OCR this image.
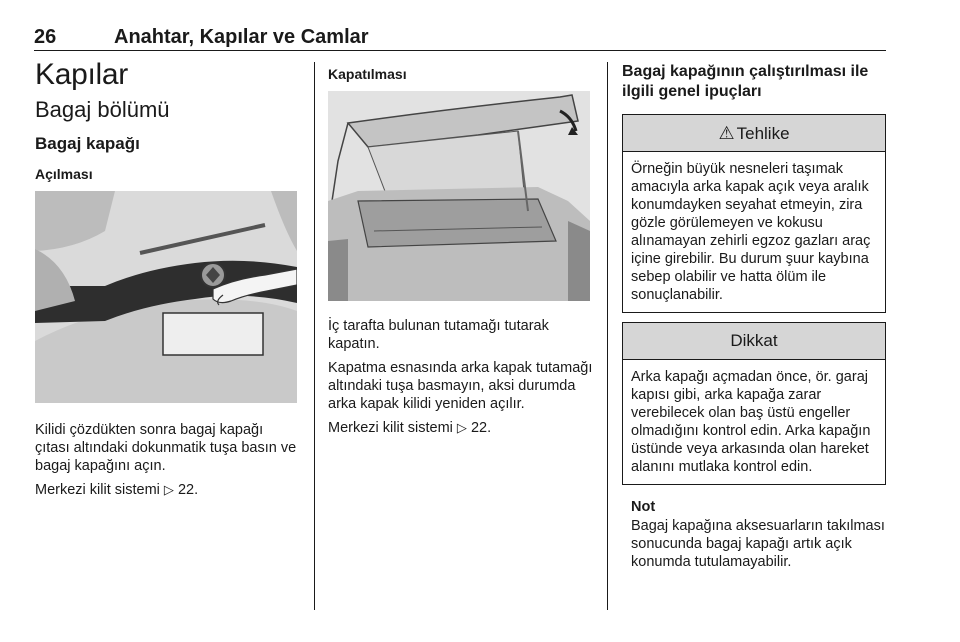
26	Anahtar, Kapılar ve Camlar
Kapılar
Bagaj bölümü
Bagaj kapağı
Açılması

Kilidi çözdükten sonra bagaj kapağı çıtası altındaki dokunmatik tuşa basın ve bagaj kapağını açın.

Merkezi kilit sistemi ▷ 22.

Kapatılması

İç tarafta bulunan tutamağı tutarak kapatın.

Kapatma esnasında arka kapak tutamağı altındaki tuşa basmayın, aksi durumda arka kapak kilidi yeniden açılır.

Merkezi kilit sistemi ▷ 22.

Bagaj kapağının çalıştırılması ile ilgili genel ipuçları
⚠ Tehlike

Örneğin büyük nesneleri taşımak amacıyla arka kapak açık veya aralık konumdayken seyahat etmeyin, zira gözle görülemeyen ve kokusu alınamayan zehirli egzoz gazları araç içine girebilir. Bu durum şuur kaybına sebep olabilir ve hatta ölüm ile sonuçlanabilir.

Dikkat

Arka kapağı açmadan önce, ör. garaj kapısı gibi, arka kapağa zarar verebilecek olan baş üstü engeller olmadığını kontrol edin. Arka kapağın üstünde veya arkasında olan hareket alanını mutlaka kontrol edin.

Not

Bagaj kapağına aksesuarların takılması sonucunda bagaj kapağı artık açık konumda tutulamayabilir.
